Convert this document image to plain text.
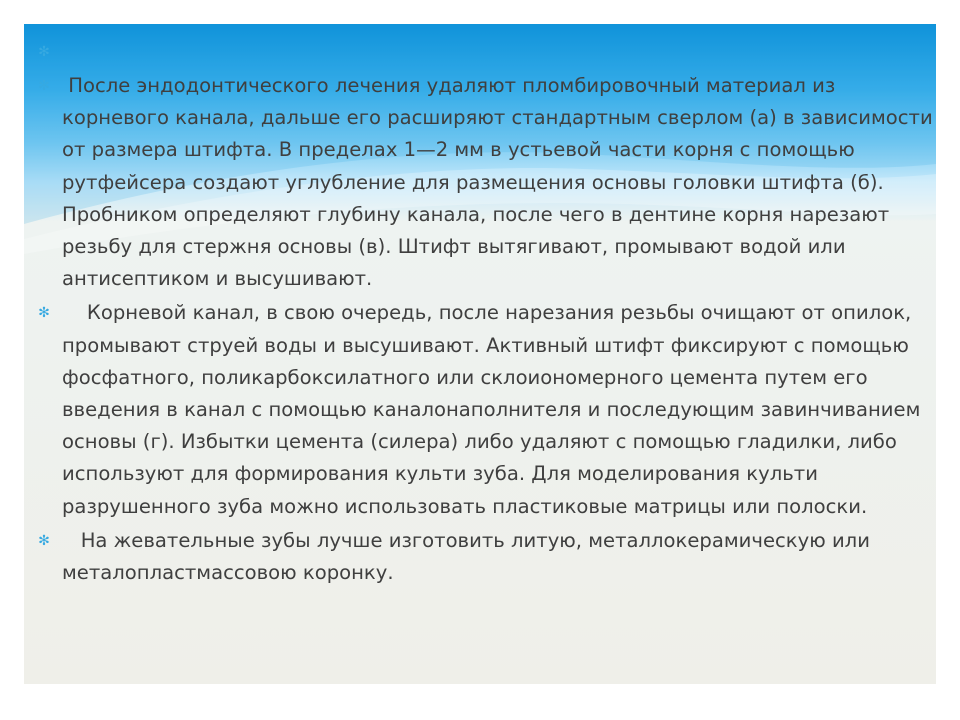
✻
✻ После эндодонтического лечения удаляют пломбировочный материал из корневого канала, дальше его расширяют стандартным сверлом (а) в зависимости от размера штифта. В пределах 1—2 мм в устьевой части корня с помощью рутфейсера создают углубление для размещения основы головки штифта (б).    Пробником определяют глубину канала, после чего в дентине корня нарезают резьбу для стержня основы (в). Штифт вытягивают, промывают водой или антисептиком и высушивают.
✻ Корневой канал, в свою очередь, после нарезания резьбы очищают от опилок, промывают струей воды и высушивают. Активный штифт фиксируют с помощью фосфатного, поликарбоксилатного или склоиономерного цемента путем его введения в канал с помощью каналонаполнителя и последующим завинчиванием основы (г). Избытки цемента (силера) либо удаляют с помощью гладилки, либо используют для формирования культи зуба. Для моделирования культи разрушенного зуба можно использовать пластиковые матрицы или полоски.
✻ На жевательные зубы лучше изготовить литую, металлокерамическую или металопластмассовою коронку.
